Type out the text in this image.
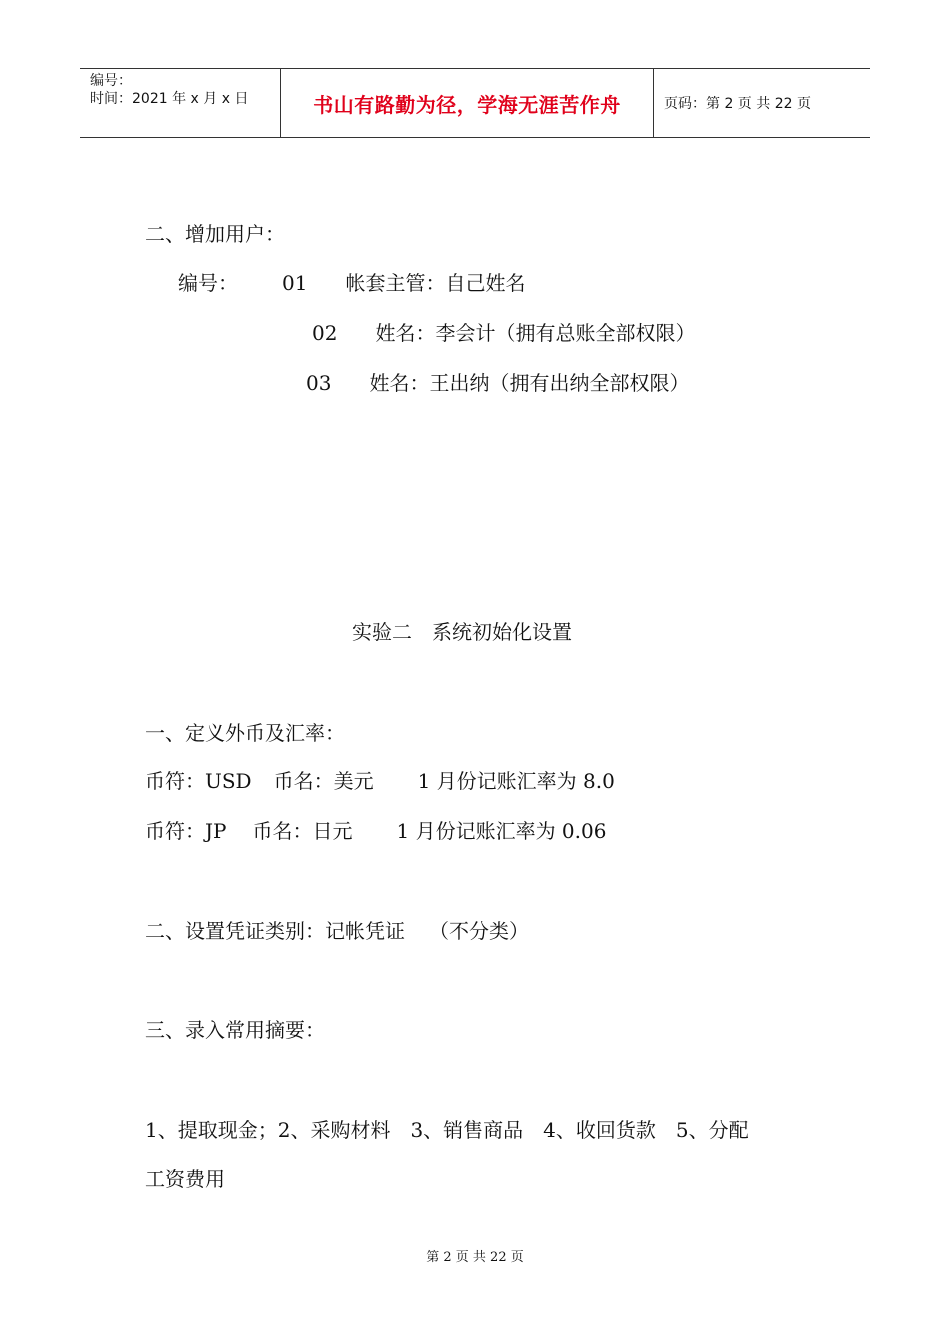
编号：
时间：2021 年 x 月 x 日	书山有路勤为径，学海无涯苦作舟	页码：第 2 页 共 22 页
二、增加用户：
编号： 01 帐套主管：自己姓名
02 姓名：李会计（拥有总账全部权限）
03 姓名：王出纳（拥有出纳全部权限）
实验二　系统初始化设置
一、定义外币及汇率：
币符：USD 币名：美元 1 月份记账汇率为 8.0
币符：JP 币名：日元 1 月份记账汇率为 0.06
二、设置凭证类别：记帐凭证 （不分类）
三、录入常用摘要：
1、提取现金；2、采购材料　3、销售商品　4、收回货款　5、分配
工资费用
第 2 页 共 22 页
